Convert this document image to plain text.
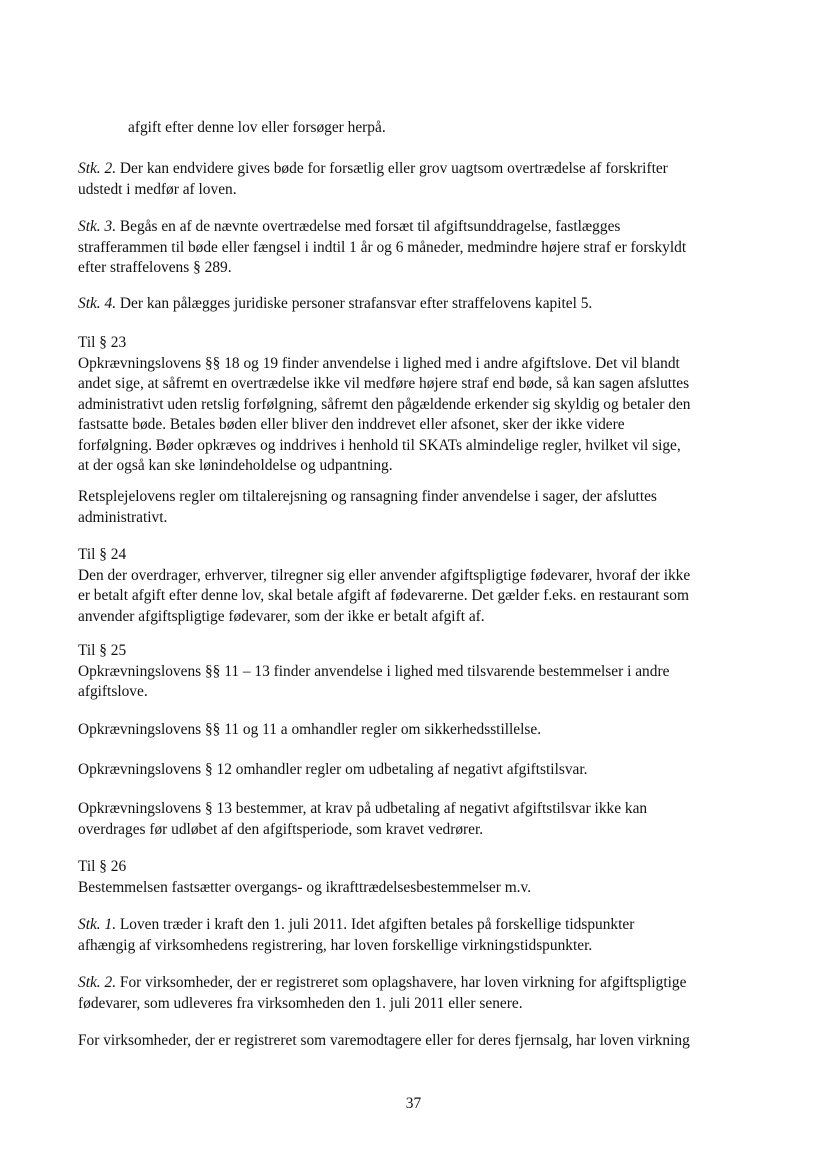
afgift efter denne lov eller forsøger herpå.

Stk. 2. Der kan endvidere gives bøde for forsætlig eller grov uagtsom overtrædelse af forskrifter
udstedt i medfør af loven.

Stk. 3. Begås en af de nævnte overtrædelse med forsæt til afgiftsunddragelse, fastlægges
strafferammen til bøde eller fængsel i indtil 1 år og 6 måneder, medmindre højere straf er forskyldt
efter straffelovens § 289.

Stk. 4. Der kan pålægges juridiske personer strafansvar efter straffelovens kapitel 5.

Til § 23
Opkrævningslovens §§ 18 og 19 finder anvendelse i lighed med i andre afgiftslove. Det vil blandt
andet sige, at såfremt en overtrædelse ikke vil medføre højere straf end bøde, så kan sagen afsluttes
administrativt uden retslig forfølgning, såfremt den pågældende erkender sig skyldig og betaler den
fastsatte bøde. Betales bøden eller bliver den inddrevet eller afsonet, sker der ikke videre
forfølgning. Bøder opkræves og inddrives i henhold til SKATs almindelige regler, hvilket vil sige,
at der også kan ske lønindeholdelse og udpantning.

Retsplejelovens regler om tiltalerejsning og ransagning finder anvendelse i sager, der afsluttes
administrativt.

Til § 24
Den der overdrager, erhverver, tilregner sig eller anvender afgiftspligtige fødevarer, hvoraf der ikke
er betalt afgift efter denne lov, skal betale afgift af fødevarerne. Det gælder f.eks. en restaurant som
anvender afgiftspligtige fødevarer, som der ikke er betalt afgift af.

Til § 25
Opkrævningslovens §§ 11 – 13 finder anvendelse i lighed med tilsvarende bestemmelser i andre
afgiftslove.

Opkrævningslovens §§ 11 og 11 a omhandler regler om sikkerhedsstillelse.

Opkrævningslovens § 12 omhandler regler om udbetaling af negativt afgiftstilsvar.

Opkrævningslovens § 13 bestemmer, at krav på udbetaling af negativt afgiftstilsvar ikke kan
overdrages før udløbet af den afgiftsperiode, som kravet vedrører.

Til § 26
Bestemmelsen fastsætter overgangs- og ikrafttrædelsesbestemmelser m.v.

Stk. 1. Loven træder i kraft den 1. juli 2011. Idet afgiften betales på forskellige tidspunkter
afhængig af virksomhedens registrering, har loven forskellige virkningstidspunkter.

Stk. 2. For virksomheder, der er registreret som oplagshavere, har loven virkning for afgiftspligtige
fødevarer, som udleveres fra virksomheden den 1. juli 2011 eller senere.

For virksomheder, der er registreret som varemodtagere eller for deres fjernsalg, har loven virkning

37
